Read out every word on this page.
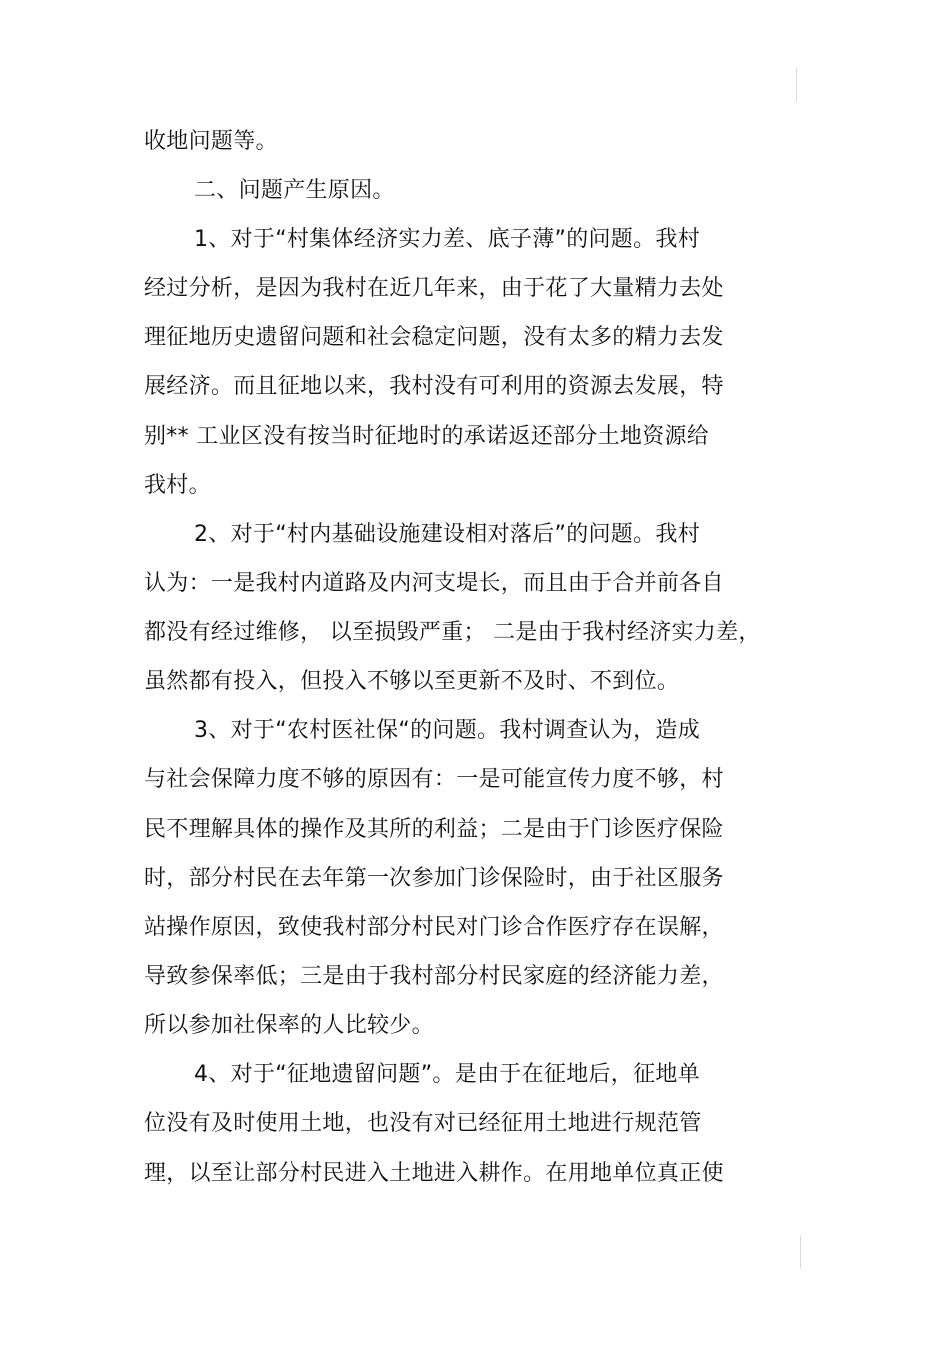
收地问题等。
二、问题产生原因。
1、对于“村集体经济实力差、底子薄”的问题。我村
经过分析，是因为我村在近几年来，由于花了大量精力去处
理征地历史遗留问题和社会稳定问题，没有太多的精力去发
展经济。而且征地以来，我村没有可利用的资源去发展，特
别** 工业区没有按当时征地时的承诺返还部分土地资源给
我村。
2、对于“村内基础设施建设相对落后”的问题。我村
认为：一是我村内道路及内河支堤长，而且由于合并前各自
都没有经过维修， 以至损毁严重； 二是由于我村经济实力差，
虽然都有投入，但投入不够以至更新不及时、不到位。
3、对于“农村医社保“的问题。我村调查认为，造成
与社会保障力度不够的原因有：一是可能宣传力度不够，村
民不理解具体的操作及其所的利益；二是由于门诊医疗保险
时，部分村民在去年第一次参加门诊保险时，由于社区服务
站操作原因，致使我村部分村民对门诊合作医疗存在误解，
导致参保率低；三是由于我村部分村民家庭的经济能力差，
所以参加社保率的人比较少。
4、对于“征地遗留问题”。是由于在征地后，征地单
位没有及时使用土地，也没有对已经征用土地进行规范管
理，以至让部分村民进入土地进入耕作。在用地单位真正使
